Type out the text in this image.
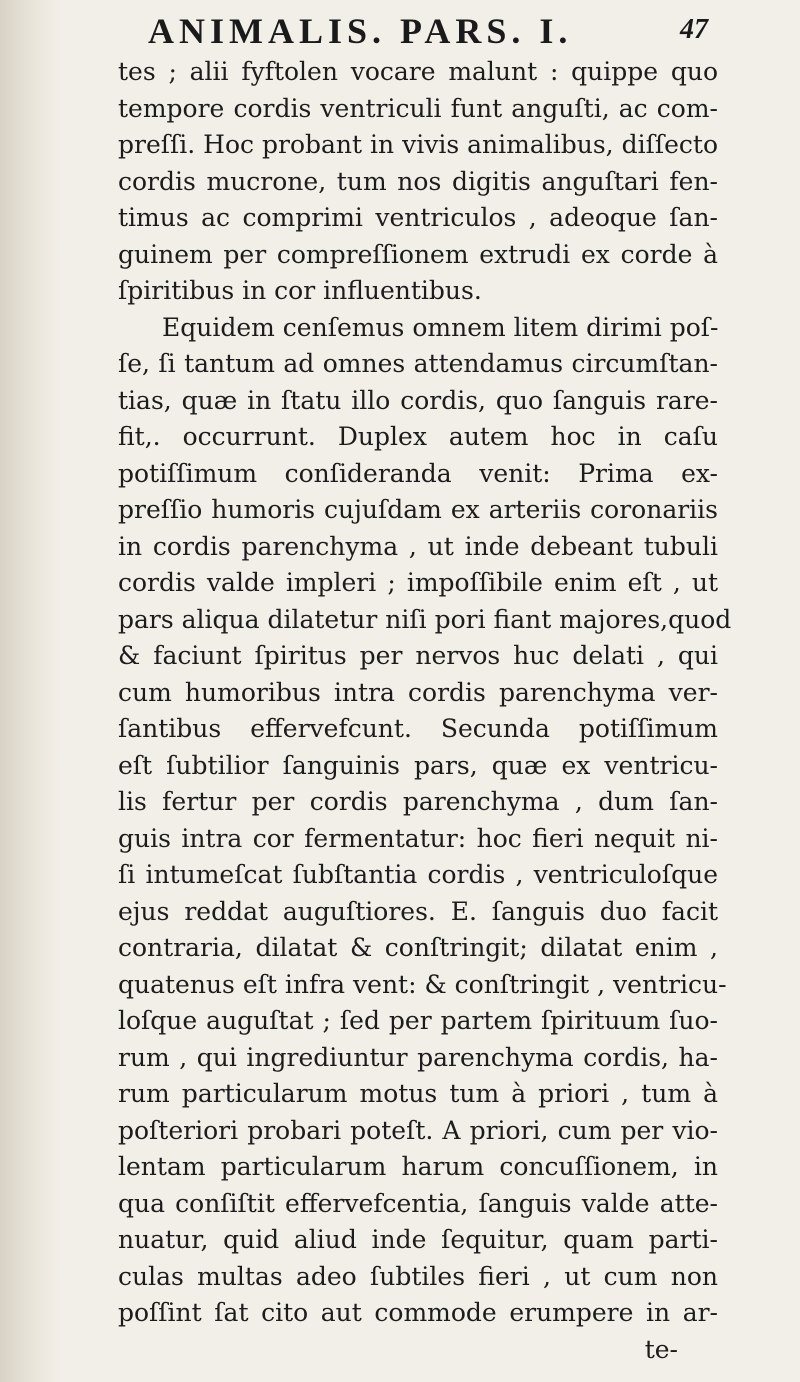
ANIMALIS. PARS. I.	47
tes ; alii fyftolen vocare malunt : quippe quo
tempore cordis ventriculi funt anguſti, ac com-
preſſi. Hoc probant in vivis animalibus, diſſecto
cordis mucrone, tum nos digitis anguſtari fen-
timus ac comprimi ventriculos , adeoque ſan-
guinem per compreſſionem extrudi ex corde à
ſpiritibus in cor influentibus.
Equidem cenſemus omnem litem dirimi poſ-
ſe, ſi tantum ad omnes attendamus circumſtan-
tias, quæ in ſtatu illo cordis, quo ſanguis rare-
fit,. occurrunt. Duplex autem hoc in caſu
potiſſimum conſideranda venit: Prima ex-
preſſio humoris cujuſdam ex arteriis coronariis
in cordis parenchyma , ut inde debeant tubuli
cordis valde impleri ; impoſſibile enim eſt , ut
pars aliqua dilatetur niſi pori fiant majores,quod
& faciunt ſpiritus per nervos huc delati , qui
cum humoribus intra cordis parenchyma ver-
ſantibus effervefcunt. Secunda potiſſimum
eſt ſubtilior ſanguinis pars, quæ ex ventricu-
lis fertur per cordis parenchyma , dum ſan-
guis intra cor fermentatur: hoc fieri nequit ni-
ſi intumeſcat ſubſtantia cordis , ventriculoſque
ejus reddat auguſtiores. E. ſanguis duo facit
contraria, dilatat & conſtringit; dilatat enim ,
quatenus eſt infra vent: & conſtringit , ventricu-
loſque auguſtat ; ſed per partem ſpirituum ſuo-
rum , qui ingrediuntur parenchyma cordis, ha-
rum particularum motus tum à priori , tum à
poſteriori probari poteſt. A priori, cum per vio-
lentam particularum harum concuſſionem, in
qua conſiſtit effervefcentia, ſanguis valde atte-
nuatur, quid aliud inde ſequitur, quam parti-
culas multas adeo ſubtiles fieri , ut cum non
poſſint ſat cito aut commode erumpere in ar-
te-
